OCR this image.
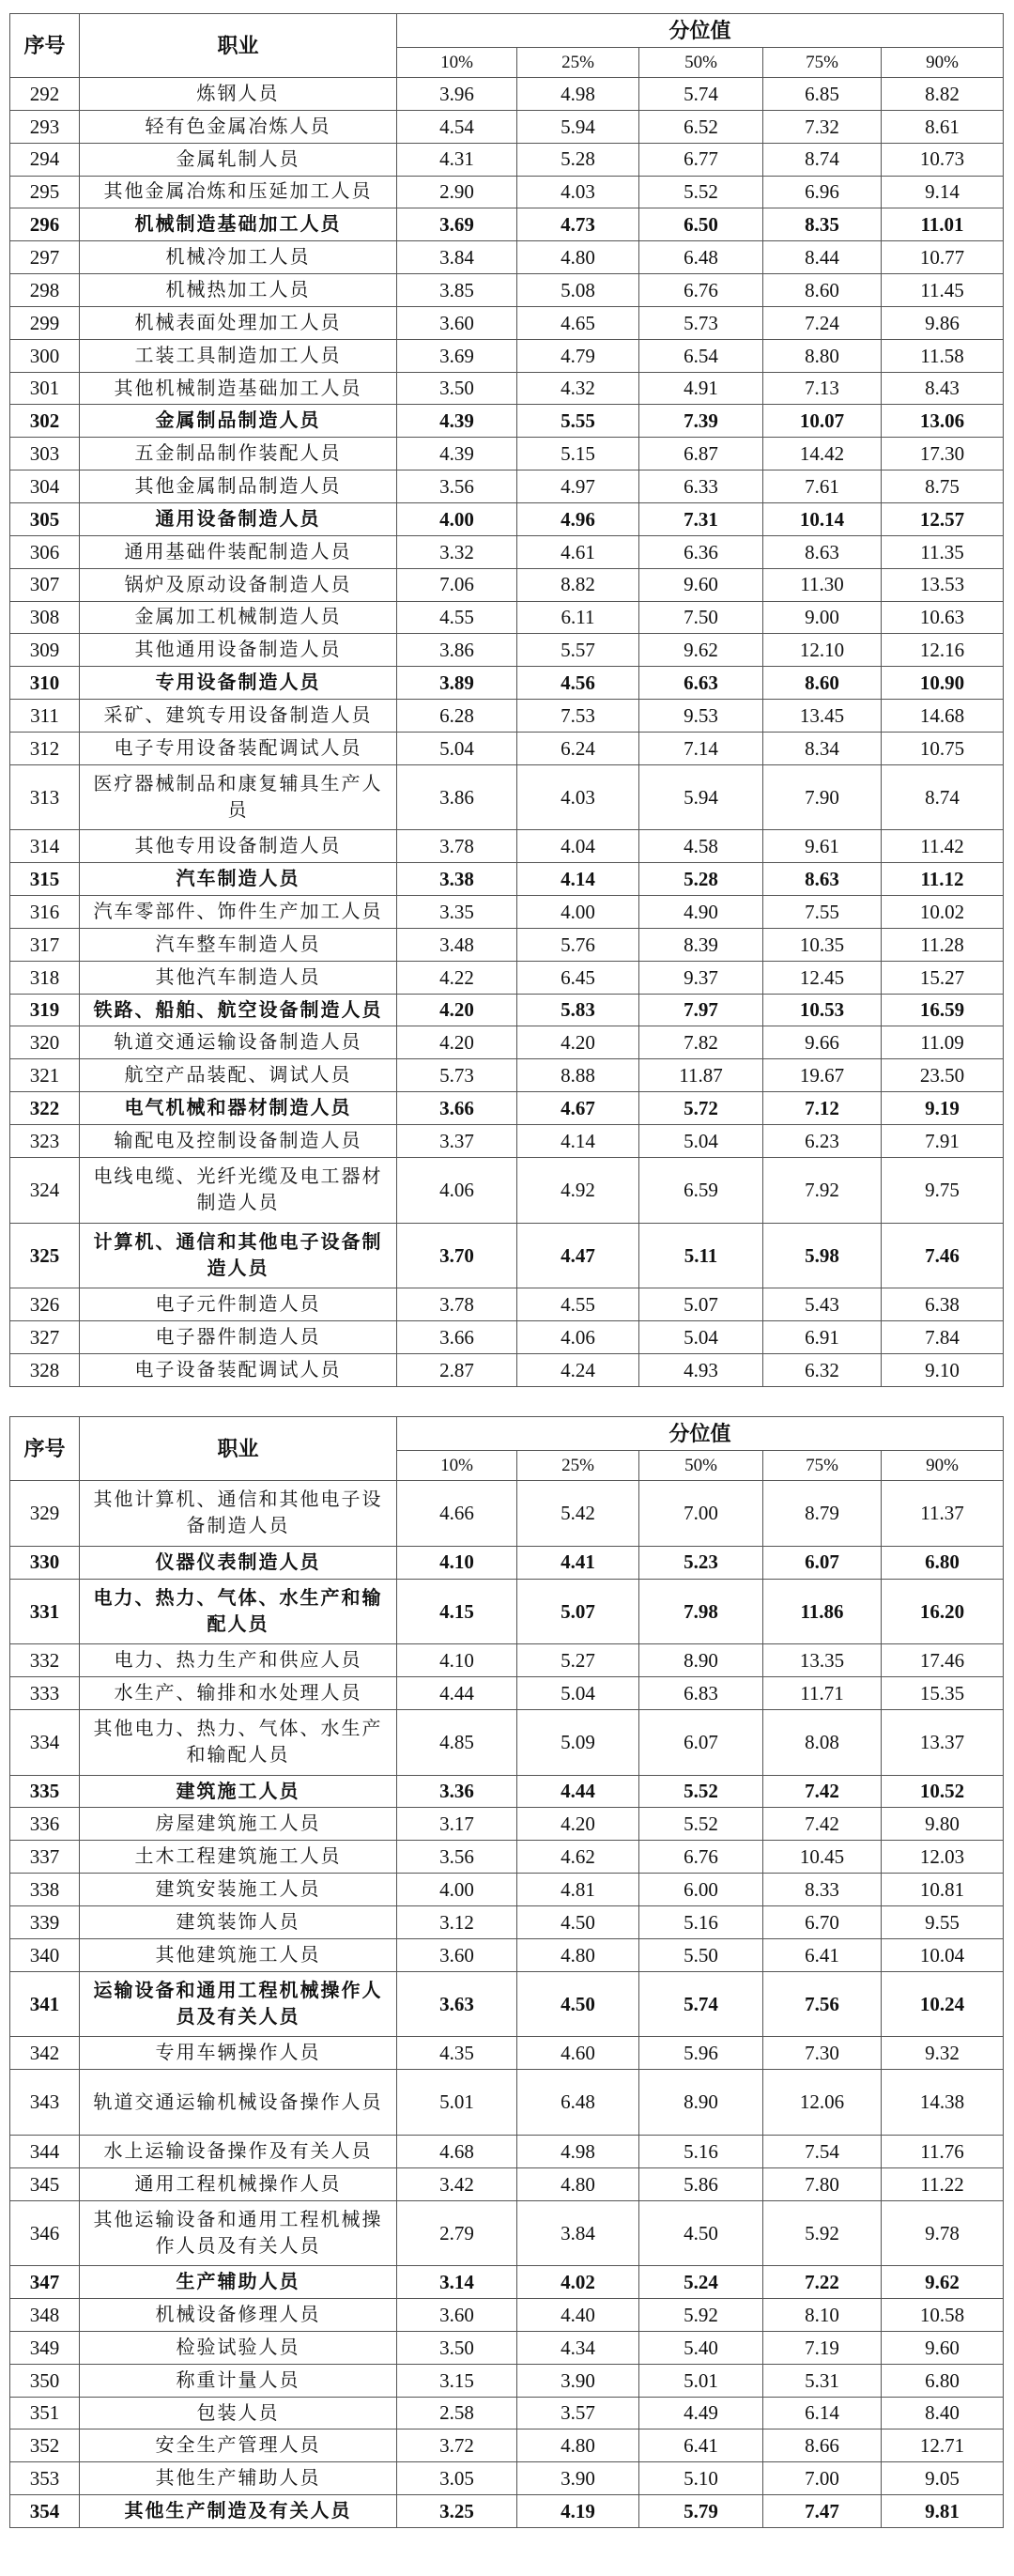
序号	职业	分位值				
		10%	25%	50%	75%	90%
292	炼钢人员	3.96	4.98	5.74	6.85	8.82
293	轻有色金属冶炼人员	4.54	5.94	6.52	7.32	8.61
294	金属轧制人员	4.31	5.28	6.77	8.74	10.73
295	其他金属冶炼和压延加工人员	2.90	4.03	5.52	6.96	9.14
296	机械制造基础加工人员	3.69	4.73	6.50	8.35	11.01
297	机械冷加工人员	3.84	4.80	6.48	8.44	10.77
298	机械热加工人员	3.85	5.08	6.76	8.60	11.45
299	机械表面处理加工人员	3.60	4.65	5.73	7.24	9.86
300	工装工具制造加工人员	3.69	4.79	6.54	8.80	11.58
301	其他机械制造基础加工人员	3.50	4.32	4.91	7.13	8.43
302	金属制品制造人员	4.39	5.55	7.39	10.07	13.06
303	五金制品制作装配人员	4.39	5.15	6.87	14.42	17.30
304	其他金属制品制造人员	3.56	4.97	6.33	7.61	8.75
305	通用设备制造人员	4.00	4.96	7.31	10.14	12.57
306	通用基础件装配制造人员	3.32	4.61	6.36	8.63	11.35
307	锅炉及原动设备制造人员	7.06	8.82	9.60	11.30	13.53
308	金属加工机械制造人员	4.55	6.11	7.50	9.00	10.63
309	其他通用设备制造人员	3.86	5.57	9.62	12.10	12.16
310	专用设备制造人员	3.89	4.56	6.63	8.60	10.90
311	采矿、建筑专用设备制造人员	6.28	7.53	9.53	13.45	14.68
312	电子专用设备装配调试人员	5.04	6.24	7.14	8.34	10.75
313	医疗器械制品和康复辅具生产人员	3.86	4.03	5.94	7.90	8.74
314	其他专用设备制造人员	3.78	4.04	4.58	9.61	11.42
315	汽车制造人员	3.38	4.14	5.28	8.63	11.12
316	汽车零部件、饰件生产加工人员	3.35	4.00	4.90	7.55	10.02
317	汽车整车制造人员	3.48	5.76	8.39	10.35	11.28
318	其他汽车制造人员	4.22	6.45	9.37	12.45	15.27
319	铁路、船舶、航空设备制造人员	4.20	5.83	7.97	10.53	16.59
320	轨道交通运输设备制造人员	4.20	4.20	7.82	9.66	11.09
321	航空产品装配、调试人员	5.73	8.88	11.87	19.67	23.50
322	电气机械和器材制造人员	3.66	4.67	5.72	7.12	9.19
323	输配电及控制设备制造人员	3.37	4.14	5.04	6.23	7.91
324	电线电缆、光纤光缆及电工器材制造人员	4.06	4.92	6.59	7.92	9.75
325	计算机、通信和其他电子设备制造人员	3.70	4.47	5.11	5.98	7.46
326	电子元件制造人员	3.78	4.55	5.07	5.43	6.38
327	电子器件制造人员	3.66	4.06	5.04	6.91	7.84
328	电子设备装配调试人员	2.87	4.24	4.93	6.32	9.10
序号	职业	分位值				
		10%	25%	50%	75%	90%
329	其他计算机、通信和其他电子设备制造人员	4.66	5.42	7.00	8.79	11.37
330	仪器仪表制造人员	4.10	4.41	5.23	6.07	6.80
331	电力、热力、气体、水生产和输配人员	4.15	5.07	7.98	11.86	16.20
332	电力、热力生产和供应人员	4.10	5.27	8.90	13.35	17.46
333	水生产、输排和水处理人员	4.44	5.04	6.83	11.71	15.35
334	其他电力、热力、气体、水生产和输配人员	4.85	5.09	6.07	8.08	13.37
335	建筑施工人员	3.36	4.44	5.52	7.42	10.52
336	房屋建筑施工人员	3.17	4.20	5.52	7.42	9.80
337	土木工程建筑施工人员	3.56	4.62	6.76	10.45	12.03
338	建筑安装施工人员	4.00	4.81	6.00	8.33	10.81
339	建筑装饰人员	3.12	4.50	5.16	6.70	9.55
340	其他建筑施工人员	3.60	4.80	5.50	6.41	10.04
341	运输设备和通用工程机械操作人员及有关人员	3.63	4.50	5.74	7.56	10.24
342	专用车辆操作人员	4.35	4.60	5.96	7.30	9.32
343	轨道交通运输机械设备操作人员	5.01	6.48	8.90	12.06	14.38
344	水上运输设备操作及有关人员	4.68	4.98	5.16	7.54	11.76
345	通用工程机械操作人员	3.42	4.80	5.86	7.80	11.22
346	其他运输设备和通用工程机械操作人员及有关人员	2.79	3.84	4.50	5.92	9.78
347	生产辅助人员	3.14	4.02	5.24	7.22	9.62
348	机械设备修理人员	3.60	4.40	5.92	8.10	10.58
349	检验试验人员	3.50	4.34	5.40	7.19	9.60
350	称重计量人员	3.15	3.90	5.01	5.31	6.80
351	包装人员	2.58	3.57	4.49	6.14	8.40
352	安全生产管理人员	3.72	4.80	6.41	8.66	12.71
353	其他生产辅助人员	3.05	3.90	5.10	7.00	9.05
354	其他生产制造及有关人员	3.25	4.19	5.79	7.47	9.81
